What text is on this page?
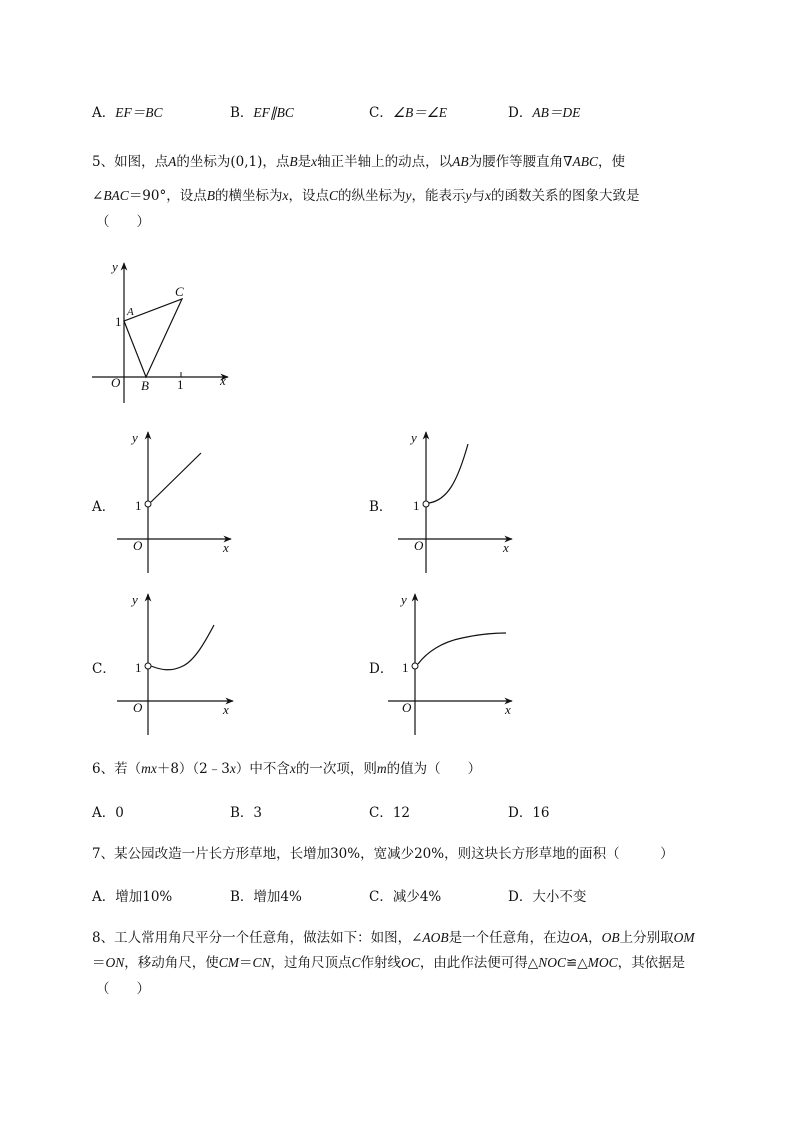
A．EF＝BC	B．EF∥BC	C．∠B＝∠E	D．AB＝DE
5、如图，点A的坐标为(0,1)，点B是x轴正半轴上的动点，以AB为腰作等腰直角∇ABC，使
∠BAC＝90°，设点B的横坐标为x，设点C的纵坐标为y，能表示y与x的函数关系的图象大致是
（　　）
y
x
O
A
B
C
1
1
A．
y
x
O
1	B．
y
x
O
1
C．
y
x
O
1	D．
y
x
O
1
6、若（mx＋8）（2﹣3x）中不含x的一次项，则m的值为（　　）
A．0	B．3	C．12	D．16
7、某公园改造一片长方形草地，长增加30%，宽减少20%，则这块长方形草地的面积（　　　）
A．增加10%	B．增加4%	C．减少4%	D．大小不变
8、工人常用角尺平分一个任意角，做法如下：如图，∠AOB是一个任意角，在边OA，OB上分别取OM
＝ON，移动角尺，使CM＝CN，过角尺顶点C作射线OC，由此作法便可得△NOC≌△MOC，其依据是
（　　）
